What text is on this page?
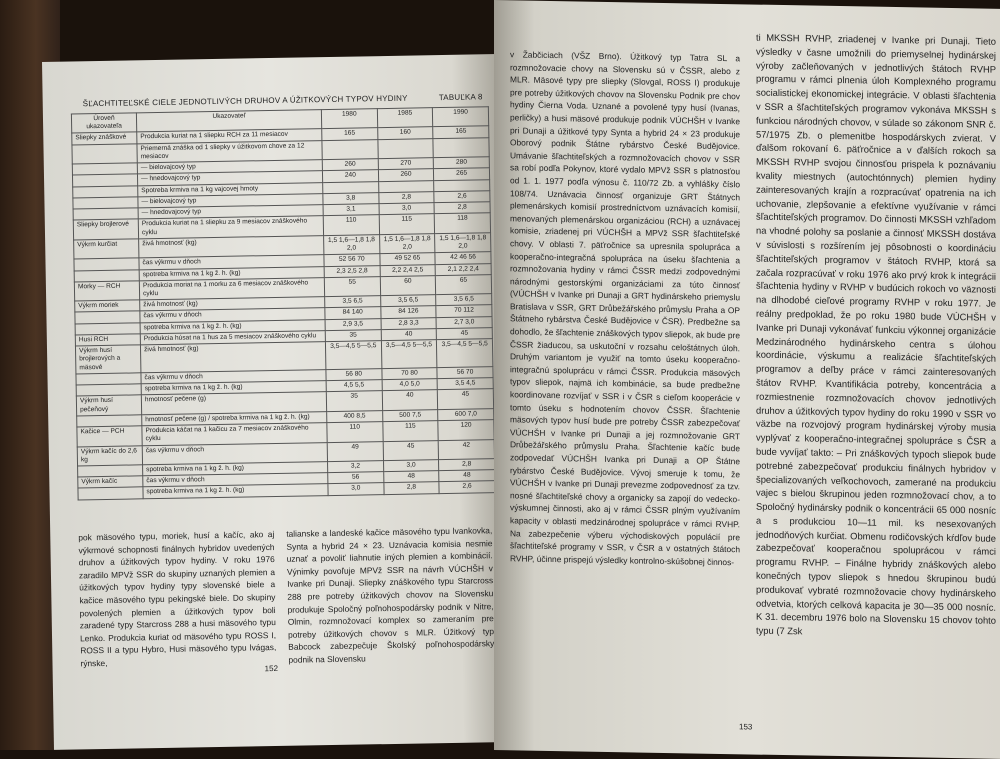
ŠĽACHTITEĽSKÉ CIELE JEDNOTLIVÝCH DRUHOV A ÚŽITKOVÝCH TYPOV HYDINY	TABUĽKA 8
Úroveň ukazovateľa	Ukazovateľ	1980	1985	1990
Sliepky znáškové	Produkcia kuriat na 1 sliepku RCH za 11 mesiacov	165	160	165
	Priemerná znáška od 1 sliepky v úžitkovom chove za 12 mesiacov			
	— bielovajcový typ	260	270	280
	— hnedovajcový typ	240	260	265
	Spotreba krmiva na 1 kg vajcovej hmoty			
	— bielovajcový typ	3,8	2,8	2,6
	— hnedovajcový typ	3,1	3,0	2,8
Sliepky brojlerové	Produkcia kuriat na 1 sliepku za 9 mesiacov znáškového cyklu	110	115	118
Výkrm kurčiat	živá hmotnosť (kg)	1,5 1,6—1,8 1,8 2,0	1,5 1,6—1,8 1,8 2,0	1,5 1,6—1,8 1,8 2,0
	čas výkrmu v dňoch	52 56 70	49 52 65	42 46 56
	spotreba krmiva na 1 kg ž. h. (kg)	2,3 2,5 2,8	2,2 2,4 2,5	2,1 2,2 2,4
Morky — RCH	Produkcia moriat na 1 morku za 6 mesiacov znáškového cyklu	55	60	65
Výkrm moriek	živá hmotnosť (kg)	3,5 6,5	3,5 6,5	3,5 6,5
	čas výkrmu v dňoch	84 140	84 126	70 112
	spotreba krmiva na 1 kg ž. h. (kg)	2,9 3,5	2,8 3,3	2,7 3,0
Husi RCH	Produkcia húsat na 1 hus za 5 mesiacov znáškového cyklu	35	40	45
Výkrm husí brojlerových a mäsové	živá hmotnosť (kg)	3,5—4,5 5—5,5	3,5—4,5 5—5,5	3,5—4,5 5—5,5
	čas výkrmu v dňoch	56 80	70 80	56 70
	spotreba krmiva na 1 kg ž. h. (kg)	4,5 5,5	4,0 5,0	3,5 4,5
Výkrm husí pečeňový	hmotnosť pečene (g)	35	40	45
	hmotnosť pečene (g) / spotreba krmiva na 1 kg ž. h. (kg)	400 8,5	500 7,5	600 7,0
Kačice — PCH	Produkcia káčat na 1 kačicu za 7 mesiacov znáškového cyklu	110	115	120
Výkrm kačíc do 2,6 kg	čas výkrmu v dňoch	49	45	42
	spotreba krmiva na 1 kg ž. h. (kg)	3,2	3,0	2,8
Výkrm kačíc	čas výkrmu v dňoch	56	48	48
	spotreba krmiva na 1 kg ž. h. (kg)	3,0	2,8	2,6

pok mäsového typu, moriek, husí a kačíc, ako aj výkrmové schopnosti finálnych hybridov uvedených druhov a úžitkových typov hydiny. V roku 1976 zaradilo MPVž SSR do skupiny uznaných plemien a úžitkových typov hydiny typy slovenské biele a kačice mäsového typu pekingské biele. Do skupiny povolených plemien a úžitkových typov boli zaradené typy Starcross 288 a husi mäsového typu Lenko. Produkcia kuriat od mäsového typu ROSS I, ROSS II a typu Hybro, Husi mäsového typu lvágas, rýnske,

talianske a landeské kačice mäsového typu lvankovka, Synta a hybrid 24 × 23. Uznávacia komisia nesmie uznať a povoliť liahnutie iných plemien a kombinácií. Výnimky povoľuje MPVž SSR na návrh VÚCHŠH v Ivanke pri Dunaji. Sliepky znáškového typu Starcross 288 pre potreby úžitkových chovov na Slovensku produkuje Spoločný poľnohospodársky podnik v Nitre, Olmin, rozmnožovací komplex so zameraním pre potreby úžitkových chovov s MLR. Úžitkový typ Babcock zabezpečuje Školský poľnohospodársky podnik na Slovensku

152

v Žabčiciach (VŠZ Brno). Úžitkový typ Tatra SL a rozmnožovacie chovy na Slovensku sú v ČSSR, alebo z MLR. Mäsové typy pre sliepky (Slovgal, ROSS I) produkuje pre potreby úžitkových chovov na Slovensku Podnik pre chov hydiny Čierna Voda. Uznané a povolené typy husí (Ivanas, perličky) a husi mäsové produkuje podnik VÚCHŠH v Ivanke pri Dunaji a úžitkové typy Synta a hybrid 24 × 23 produkuje Oborový podnik Štátne rybárstvo České Budějovice. Umávanie šľachtiteľských a rozmnožovacích chovov v SSR sa robí podľa Pokynov, ktoré vydalo MPVž SSR s platnosťou od 1. 1. 1977 podľa výnosu č. 110/72 Zb. a vyhlášky číslo 108/74. Uznávacia činnosť organizuje GRT Štátnych plemenárskych komisií prostredníctvom uznávacích komisií, menovaných plemenárskou organizáciou (RCH) a uznávacej komisie, zriadenej pri VÚCHŠH a MPVž SSR šľachtiteľské chovy. V oblasti 7. päťročnice sa upresnila spolupráca a kooperačno-integračná spolupráca na úseku šľachtenia a rozmnožovania hydiny v rámci ČSSR medzi zodpovednými národnými gestorskými organizáciami za túto činnosť (VÚCHŠH v Ivanke pri Dunaji a GRT hydinárskeho priemyslu Bratislava v SSR, GRT Drůbežářského průmyslu Praha a OP Štátneho rybárstva České Budějovice v ČSR). Predbežne sa dohodlo, že šľachtenie znáškových typov sliepok, ak bude pre ČSSR žiaducou, sa uskutoční v rozsahu celoštátnych úloh. Druhým variantom je využiť na tomto úseku kooperačno-integračnú spoluprácu v rámci ČSSR. Produkcia mäsových typov sliepok, najmä ich kombinácie, sa bude predbežne koordinovane rozvíjať v SSR i v ČSR s cieľom kooperácie v tomto úseku s hodnotením chovov ČSSR. Šľachtenie mäsových typov husí bude pre potreby ČSSR zabezpečovať VÚCHŠH v Ivanke pri Dunaji a jej rozmnožovanie GRT Drůbežářského průmyslu Praha. Šľachtenie kačíc bude zodpovedať VÚCHŠH Ivanka pri Dunaji a OP Štátne rybárstvo České Budějovice. Vývoj smeruje k tomu, že VÚCHŠH v Ivanke pri Dunaji prevezme zodpovednosť za tzv. nosné šľachtiteľské chovy a organicky sa zapojí do vedecko-výskumnej činnosti, ako aj v rámci ČSSR plným využívaním kapacity v oblasti medzinárodnej spolupráce v rámci RVHP. Na zabezpečenie výberu východiskových populácií pre šľachtiteľské programy v SSR, v ČSR a v ostatných štátoch RVHP, účinne prispejú výsledky kontrolno-skúšobnej činnos-

ti MKSSH RVHP, zriadenej v Ivanke pri Dunaji. Tieto výsledky v časne umožnili do priemyselnej hydinárskej výroby začleňovaných v jednotlivých štátoch RVHP programu v rámci plnenia úloh Komplexného programu socialistickej ekonomickej integrácie. V oblasti šľachtenia v SSR a šľachtiteľských programov vykonáva MKSSH s funkciou národných chovov, v súlade so zákonom SNR č. 57/1975 Zb. o plemenitbe hospodárskych zvierat. V ďalšom rokovaní 6. päťročnice a v ďalších rokoch sa MKSSH RVHP svojou činnosťou prispela k poznávaniu kvality miestnych (autochtónnych) plemien hydiny zainteresovaných krajín a rozpracúvať opatrenia na ich uchovanie, zlepšovanie a efektívne využívanie v rámci šľachtiteľských programov. Do činnosti MKSSH vzhľadom na vhodné polohy sa poslanie a činnosť MKSSH dostáva v súvislosti s rozšírením jej pôsobnosti o koordináciu šľachtiteľských programov v štátoch RVHP, ktorá sa začala rozpracúvať v roku 1976 ako prvý krok k integrácii šľachtenia hydiny v RVHP v budúcich rokoch vo väznosti na dlhodobé cieľové programy RVHP v roku 1977. Je reálny predpoklad, že po roku 1980 bude VÚCHŠH v Ivanke pri Dunaji vykonávať funkciu výkonnej organizácie Medzinárodného hydinárskeho centra s úlohou koordinácie, výskumu a realizácie šľachtiteľských programov a deľby práce v rámci zainteresovaných štátov RVHP. Kvantifikácia potreby, koncentrácia a rozmiestnenie rozmnožovacích chovov jednotlivých druhov a úžitkových typov hydiny do roku 1990 v SSR vo väzbe na rozvojový program hydinárskej výroby musia vyplývať z kooperačno-integračnej spolupráce s ČSR a bude vyvíjať takto: – Pri znáškových typoch sliepok bude potrebné zabezpečovať produkciu finálnych hybridov v špecializovaných veľkochovoch, zamerané na produkciu vajec s bielou škrupinou jeden rozmnožovací chov, a to Spoločný hydinársky podnik o koncentrácii 65 000 nosníc a s produkciou 10—11 mil. ks nesexovaných jednodňových kurčiat. Obmenu rodičovských kŕdľov bude zabezpečovať kooperačnou spoluprácou v rámci programu RVHP. – Finálne hybridy znáškových alebo konečných typov sliepok s hnedou škrupinou budú produkovať vybraté rozmnožovacie chovy hydinárskeho odvetvia, ktorých celková kapacita je 30—35 000 nosníc. K 31. decembru 1976 bolo na Slovensku 15 chovov tohto typu (7 Zsk

153
